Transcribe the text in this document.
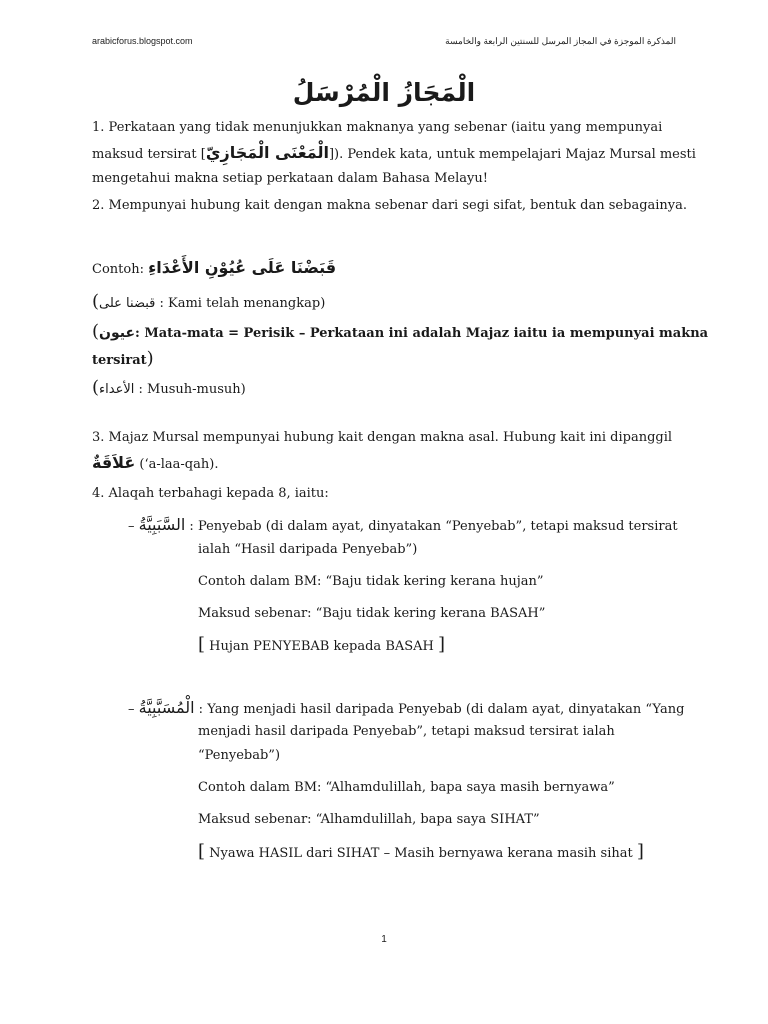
arabicforus.blogspot.com	المذكرة الموجزة في المجاز المرسل للسنتين الرابعة والخامسة
الْمَجَازُ الْمُرْسَلُ
1. Perkataan yang tidak menunjukkan maknanya yang sebenar (iaitu yang mempunyai
maksud tersirat [الْمَعْنَى الْمَجَازِيّ]). Pendek kata, untuk mempelajari Majaz Mursal mesti
mengetahui makna setiap perkataan dalam Bahasa Melayu!
2. Mempunyai hubung kait dengan makna sebenar dari segi sifat, bentuk dan sebagainya.
Contoh: قَبَضْنَا عَلَى عُيُوْنِ الأَعْدَاءِ
(قبضنا على : Kami telah menangkap)
(عيون: Mata-mata = Perisik – Perkataan ini adalah Majaz iaitu ia mempunyai makna
tersirat)
(الأعداء : Musuh-musuh)
3. Majaz Mursal mempunyai hubung kait dengan makna asal. Hubung kait ini dipanggil
عَلاَقَةٌ (‘a-laa-qah).
4. Alaqah terbahagi kepada 8, iaitu:
– السَّبَبِيَّةُ : Penyebab (di dalam ayat, dinyatakan “Penyebab”, tetapi maksud tersirat
ialah “Hasil daripada Penyebab”)
Contoh dalam BM: “Baju tidak kering kerana hujan”
Maksud sebenar: “Baju tidak kering kerana BASAH”
[ Hujan PENYEBAB kepada BASAH ]
– الْمُسَبَّبِيَّةُ : Yang menjadi hasil daripada Penyebab (di dalam ayat, dinyatakan “Yang
menjadi hasil daripada Penyebab”, tetapi maksud tersirat ialah
“Penyebab”)
Contoh dalam BM: “Alhamdulillah, bapa saya masih bernyawa”
Maksud sebenar: “Alhamdulillah, bapa saya SIHAT”
[ Nyawa HASIL dari SIHAT – Masih bernyawa kerana masih sihat ]
1
